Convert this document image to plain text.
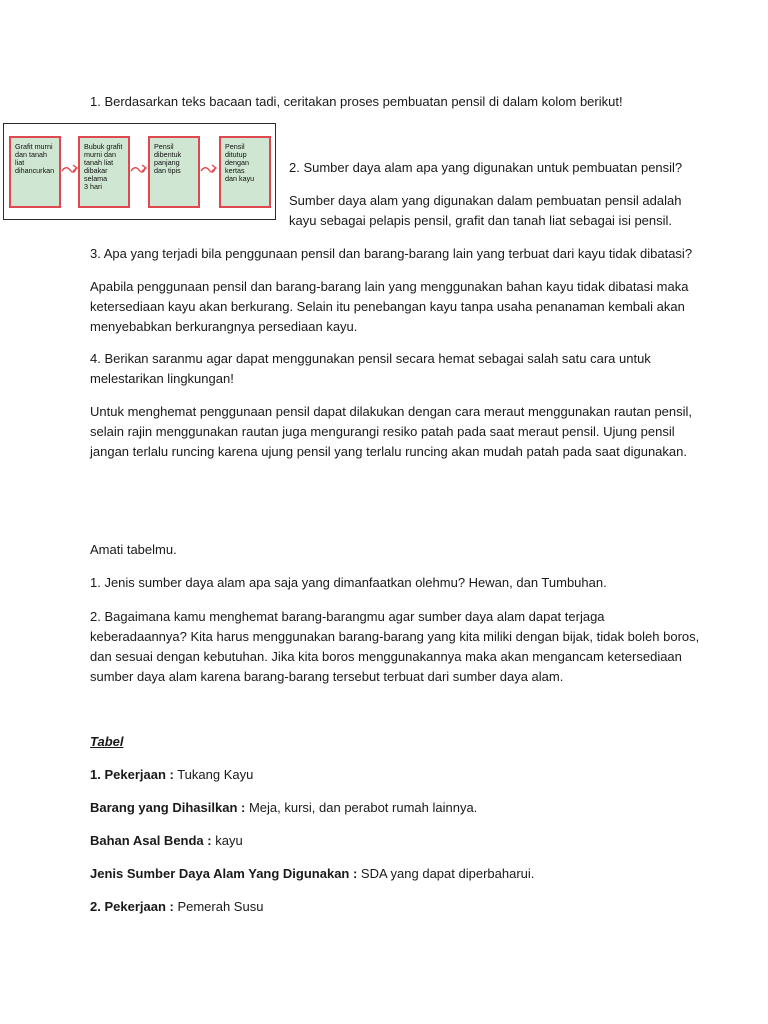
1. Berdasarkan teks bacaan tadi, ceritakan proses pembuatan pensil di dalam kolom berikut!
Grafit murni
dan tanah
liat
dihancurkan
Bubuk grafit
murni dan
tanah liat
dibakar
selama
3 hari
Pensil
dibentuk
panjang
dan tipis
Pensil
ditutup
dengan
kertas
dan kayu
2. Sumber daya alam apa yang digunakan untuk pembuatan pensil?
Sumber daya alam yang digunakan dalam pembuatan pensil adalah
kayu sebagai pelapis pensil, grafit dan tanah liat sebagai isi pensil.
3. Apa yang terjadi bila penggunaan pensil dan barang-barang lain yang terbuat dari kayu tidak dibatasi?
Apabila penggunaan pensil dan barang-barang lain yang menggunakan bahan kayu tidak dibatasi maka
ketersediaan kayu akan berkurang. Selain itu penebangan kayu tanpa usaha penanaman kembali akan
menyebabkan berkurangnya persediaan kayu.
4. Berikan saranmu agar dapat menggunakan pensil secara hemat sebagai salah satu cara untuk
melestarikan lingkungan!
Untuk menghemat penggunaan pensil dapat dilakukan dengan cara meraut menggunakan rautan pensil,
selain rajin menggunakan rautan juga mengurangi resiko patah pada saat meraut pensil. Ujung pensil
jangan terlalu runcing karena ujung pensil yang terlalu runcing akan mudah patah pada saat digunakan.
Amati tabelmu.
1. Jenis sumber daya alam apa saja yang dimanfaatkan olehmu? Hewan, dan Tumbuhan.
2. Bagaimana kamu menghemat barang-barangmu agar sumber daya alam dapat terjaga
keberadaannya? Kita harus menggunakan barang-barang yang kita miliki dengan bijak, tidak boleh boros,
dan sesuai dengan kebutuhan. Jika kita boros menggunakannya maka akan mengancam ketersediaan
sumber daya alam karena barang-barang tersebut terbuat dari sumber daya alam.
Tabel
1. Pekerjaan : Tukang Kayu
Barang yang Dihasilkan : Meja, kursi, dan perabot rumah lainnya.
Bahan Asal Benda : kayu
Jenis Sumber Daya Alam Yang Digunakan : SDA yang dapat diperbaharui.
2. Pekerjaan : Pemerah Susu
